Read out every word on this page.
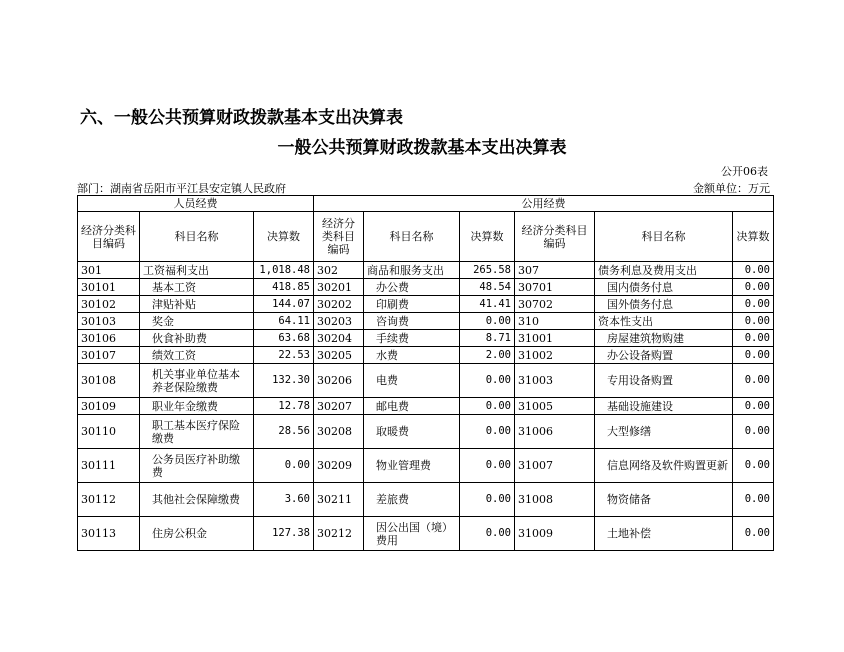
六、一般公共预算财政拨款基本支出决算表
一般公共预算财政拨款基本支出决算表
公开06表
部门：湖南省岳阳市平江县安定镇人民政府	金额单位：万元
人员经费			公用经费					
经济分类科目编码	科目名称	决算数	经济分类科目编码	科目名称	决算数	经济分类科目编码	科目名称	决算数
301	工资福利支出	1,018.48	302	商品和服务支出	265.58	307	债务利息及费用支出	0.00
30101	基本工资	418.85	30201	办公费	48.54	30701	国内债务付息	0.00
30102	津贴补贴	144.07	30202	印刷费	41.41	30702	国外债务付息	0.00
30103	奖金	64.11	30203	咨询费	0.00	310	资本性支出	0.00
30106	伙食补助费	63.68	30204	手续费	8.71	31001	房屋建筑物购建	0.00
30107	绩效工资	22.53	30205	水费	2.00	31002	办公设备购置	0.00
30108	机关事业单位基本养老保险缴费	132.30	30206	电费	0.00	31003	专用设备购置	0.00
30109	职业年金缴费	12.78	30207	邮电费	0.00	31005	基础设施建设	0.00
30110	职工基本医疗保险缴费	28.56	30208	取暖费	0.00	31006	大型修缮	0.00
30111	公务员医疗补助缴费	0.00	30209	物业管理费	0.00	31007	信息网络及软件购置更新	0.00
30112	其他社会保障缴费	3.60	30211	差旅费	0.00	31008	物资储备	0.00
30113	住房公积金	127.38	30212	因公出国（境）费用	0.00	31009	土地补偿	0.00
